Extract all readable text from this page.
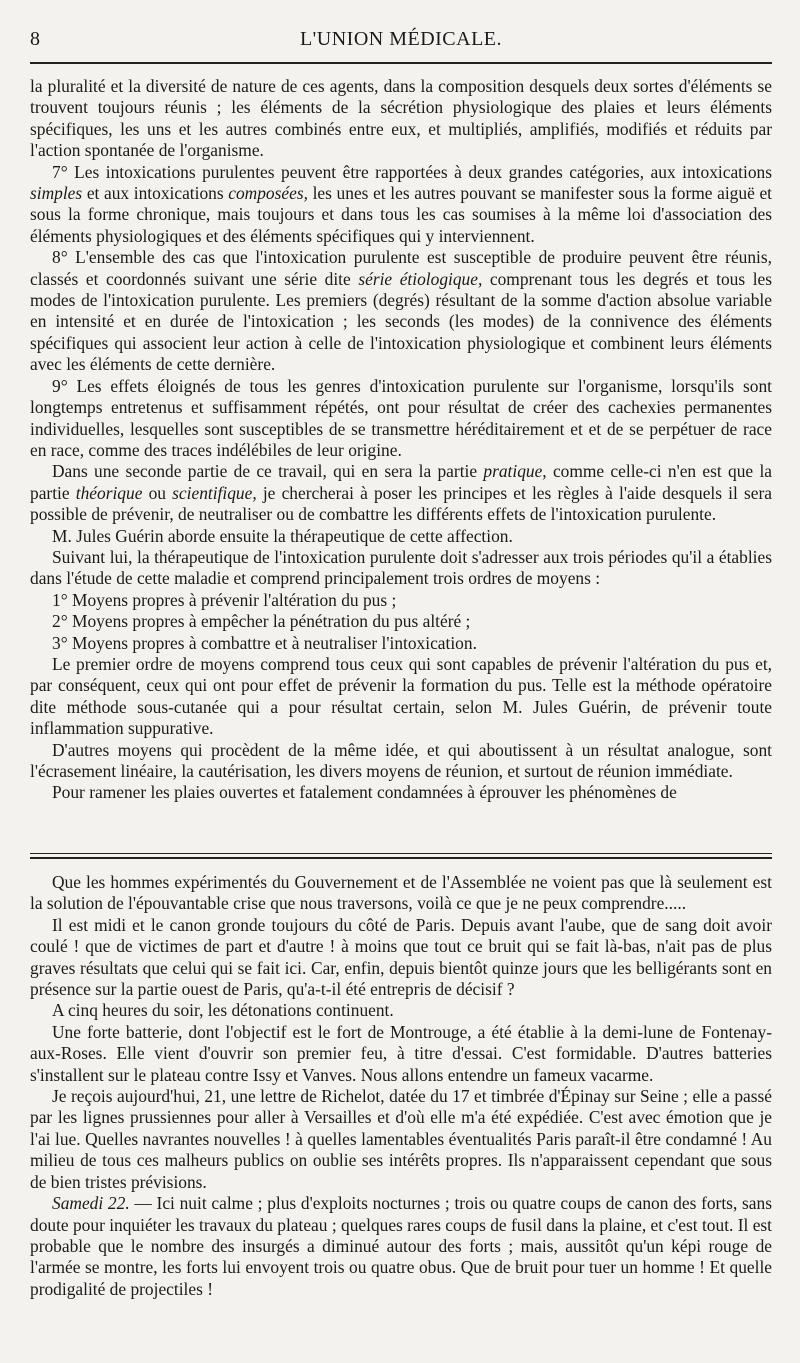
8	L'UNION MÉDICALE.

la pluralité et la diversité de nature de ces agents, dans la composition desquels deux sortes d'éléments se trouvent toujours réunis ; les éléments de la sécrétion physiologique des plaies et leurs éléments spécifiques, les uns et les autres combinés entre eux, et multipliés, amplifiés, modifiés et réduits par l'action spontanée de l'organisme.

7° Les intoxications purulentes peuvent être rapportées à deux grandes catégories, aux intoxications simples et aux intoxications composées, les unes et les autres pouvant se manifester sous la forme aiguë et sous la forme chronique, mais toujours et dans tous les cas soumises à la même loi d'association des éléments physiologiques et des éléments spécifiques qui y interviennent.

8° L'ensemble des cas que l'intoxication purulente est susceptible de produire peuvent être réunis, classés et coordonnés suivant une série dite série étiologique, comprenant tous les degrés et tous les modes de l'intoxication purulente. Les premiers (degrés) résultant de la somme d'action absolue variable en intensité et en durée de l'intoxication ; les seconds (les modes) de la connivence des éléments spécifiques qui associent leur action à celle de l'intoxication physiologique et combinent leurs éléments avec les éléments de cette dernière.

9° Les effets éloignés de tous les genres d'intoxication purulente sur l'organisme, lorsqu'ils sont longtemps entretenus et suffisamment répétés, ont pour résultat de créer des cachexies permanentes individuelles, lesquelles sont susceptibles de se transmettre héréditairement et et de se perpétuer de race en race, comme des traces indélébiles de leur origine.

Dans une seconde partie de ce travail, qui en sera la partie pratique, comme celle-ci n'en est que la partie théorique ou scientifique, je chercherai à poser les principes et les règles à l'aide desquels il sera possible de prévenir, de neutraliser ou de combattre les différents effets de l'intoxication purulente.

M. Jules Guérin aborde ensuite la thérapeutique de cette affection.

Suivant lui, la thérapeutique de l'intoxication purulente doit s'adresser aux trois périodes qu'il a établies dans l'étude de cette maladie et comprend principalement trois ordres de moyens :

1° Moyens propres à prévenir l'altération du pus ;

2° Moyens propres à empêcher la pénétration du pus altéré ;

3° Moyens propres à combattre et à neutraliser l'intoxication.

Le premier ordre de moyens comprend tous ceux qui sont capables de prévenir l'altération du pus et, par conséquent, ceux qui ont pour effet de prévenir la formation du pus. Telle est la méthode opératoire dite méthode sous-cutanée qui a pour résultat certain, selon M. Jules Guérin, de prévenir toute inflammation suppurative.

D'autres moyens qui procèdent de la même idée, et qui aboutissent à un résultat analogue, sont l'écrasement linéaire, la cautérisation, les divers moyens de réunion, et surtout de réunion immédiate.

Pour ramener les plaies ouvertes et fatalement condamnées à éprouver les phénomènes de

Que les hommes expérimentés du Gouvernement et de l'Assemblée ne voient pas que là seulement est la solution de l'épouvantable crise que nous traversons, voilà ce que je ne peux comprendre.....

Il est midi et le canon gronde toujours du côté de Paris. Depuis avant l'aube, que de sang doit avoir coulé ! que de victimes de part et d'autre ! à moins que tout ce bruit qui se fait là-bas, n'ait pas de plus graves résultats que celui qui se fait ici. Car, enfin, depuis bientôt quinze jours que les belligérants sont en présence sur la partie ouest de Paris, qu'a-t-il été entrepris de décisif ?

A cinq heures du soir, les détonations continuent.

Une forte batterie, dont l'objectif est le fort de Montrouge, a été établie à la demi-lune de Fontenay-aux-Roses. Elle vient d'ouvrir son premier feu, à titre d'essai. C'est formidable. D'autres batteries s'installent sur le plateau contre Issy et Vanves. Nous allons entendre un fameux vacarme.

Je reçois aujourd'hui, 21, une lettre de Richelot, datée du 17 et timbrée d'Épinay sur Seine ; elle a passé par les lignes prussiennes pour aller à Versailles et d'où elle m'a été expédiée. C'est avec émotion que je l'ai lue. Quelles navrantes nouvelles ! à quelles lamentables éventualités Paris paraît-il être condamné ! Au milieu de tous ces malheurs publics on oublie ses intérêts propres. Ils n'apparaissent cependant que sous de bien tristes prévisions.

Samedi 22. — Ici nuit calme ; plus d'exploits nocturnes ; trois ou quatre coups de canon des forts, sans doute pour inquiéter les travaux du plateau ; quelques rares coups de fusil dans la plaine, et c'est tout. Il est probable que le nombre des insurgés a diminué autour des forts ; mais, aussitôt qu'un képi rouge de l'armée se montre, les forts lui envoyent trois ou quatre obus. Que de bruit pour tuer un homme ! Et quelle prodigalité de projectiles !
